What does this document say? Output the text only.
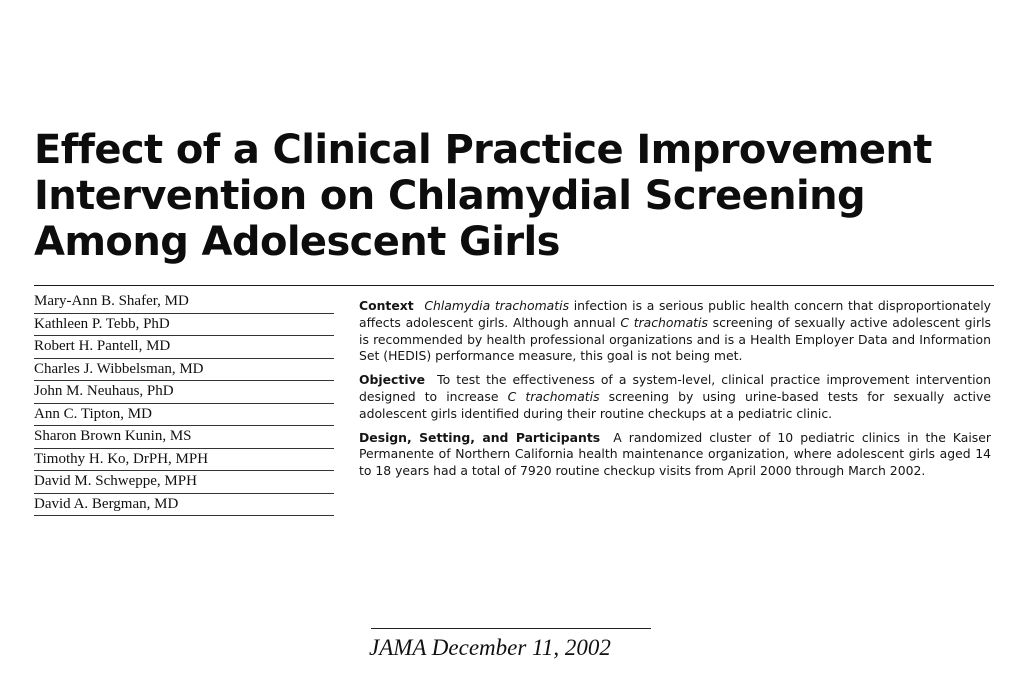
Effect of a Clinical Practice Improvement
Intervention on Chlamydial Screening
Among Adolescent Girls
Mary-Ann B. Shafer, MD
Kathleen P. Tebb, PhD
Robert H. Pantell, MD
Charles J. Wibbelsman, MD
John M. Neuhaus, PhD
Ann C. Tipton, MD
Sharon Brown Kunin, MS
Timothy H. Ko, DrPH, MPH
David M. Schweppe, MPH
David A. Bergman, MD

Context Chlamydia trachomatis infection is a serious public health concern that disproportionately affects adolescent girls. Although annual C trachomatis screening of sexually active adolescent girls is recommended by health professional organizations and is a Health Employer Data and Information Set (HEDIS) performance measure, this goal is not being met.

Objective To test the effectiveness of a system-level, clinical practice improvement intervention designed to increase C trachomatis screening by using urine-based tests for sexually active adolescent girls identified during their routine checkups at a pediatric clinic.

Design, Setting, and Participants A randomized cluster of 10 pediatric clinics in the Kaiser Permanente of Northern California health maintenance organization, where adolescent girls aged 14 to 18 years had a total of 7920 routine checkup visits from April 2000 through March 2002.

JAMA December 11, 2002
